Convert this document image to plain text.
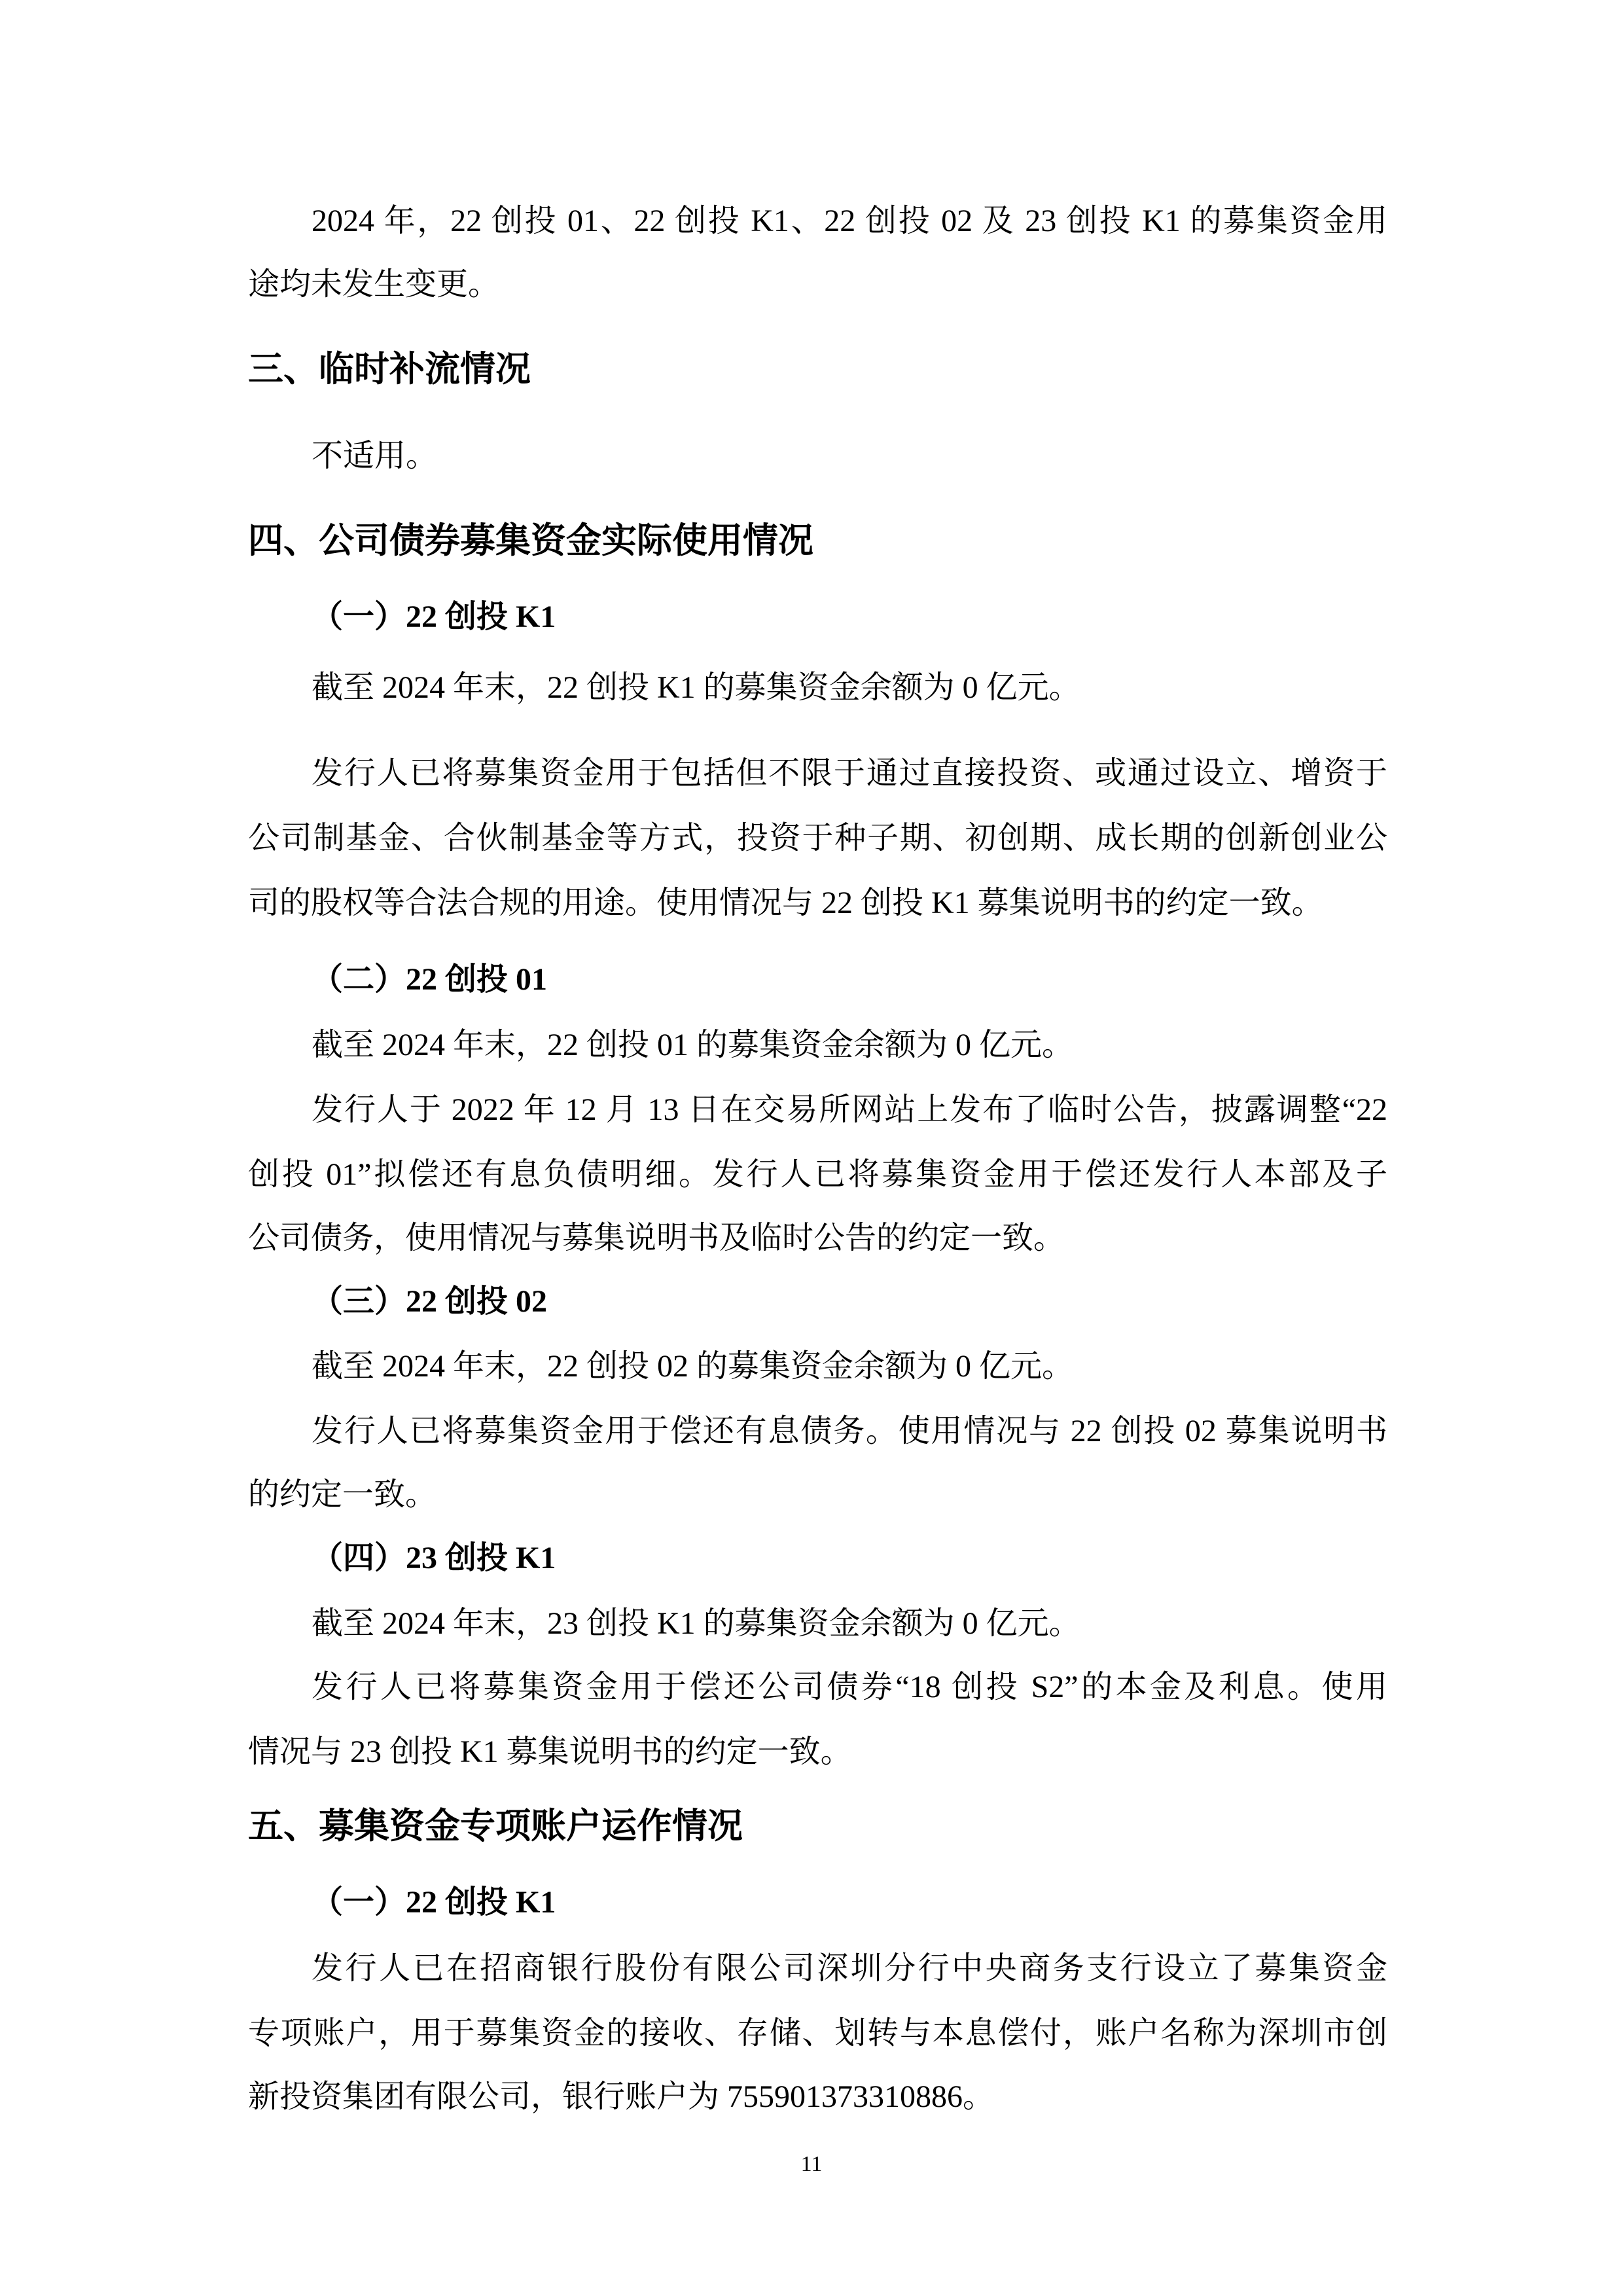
2024 年，22 创投 01、22 创投 K1、22 创投 02 及 23 创投 K1 的募集资金用
途均未发生变更。
三、临时补流情况
不适用。
四、公司债券募集资金实际使用情况
（一）22 创投 K1
截至 2024 年末，22 创投 K1 的募集资金余额为 0 亿元。
发行人已将募集资金用于包括但不限于通过直接投资、或通过设立、增资于
公司制基金、合伙制基金等方式，投资于种子期、初创期、成长期的创新创业公
司的股权等合法合规的用途。使用情况与 22 创投 K1 募集说明书的约定一致。
（二）22 创投 01
截至 2024 年末，22 创投 01 的募集资金余额为 0 亿元。
发行人于 2022 年 12 月 13 日在交易所网站上发布了临时公告，披露调整“22
创投 01”拟偿还有息负债明细。发行人已将募集资金用于偿还发行人本部及子
公司债务，使用情况与募集说明书及临时公告的约定一致。
（三）22 创投 02
截至 2024 年末，22 创投 02 的募集资金余额为 0 亿元。
发行人已将募集资金用于偿还有息债务。使用情况与 22 创投 02 募集说明书
的约定一致。
（四）23 创投 K1
截至 2024 年末，23 创投 K1 的募集资金余额为 0 亿元。
发行人已将募集资金用于偿还公司债券“18 创投 S2”的本金及利息。使用
情况与 23 创投 K1 募集说明书的约定一致。
五、募集资金专项账户运作情况
（一）22 创投 K1
发行人已在招商银行股份有限公司深圳分行中央商务支行设立了募集资金
专项账户，用于募集资金的接收、存储、划转与本息偿付，账户名称为深圳市创
新投资集团有限公司，银行账户为 755901373310886。
11
